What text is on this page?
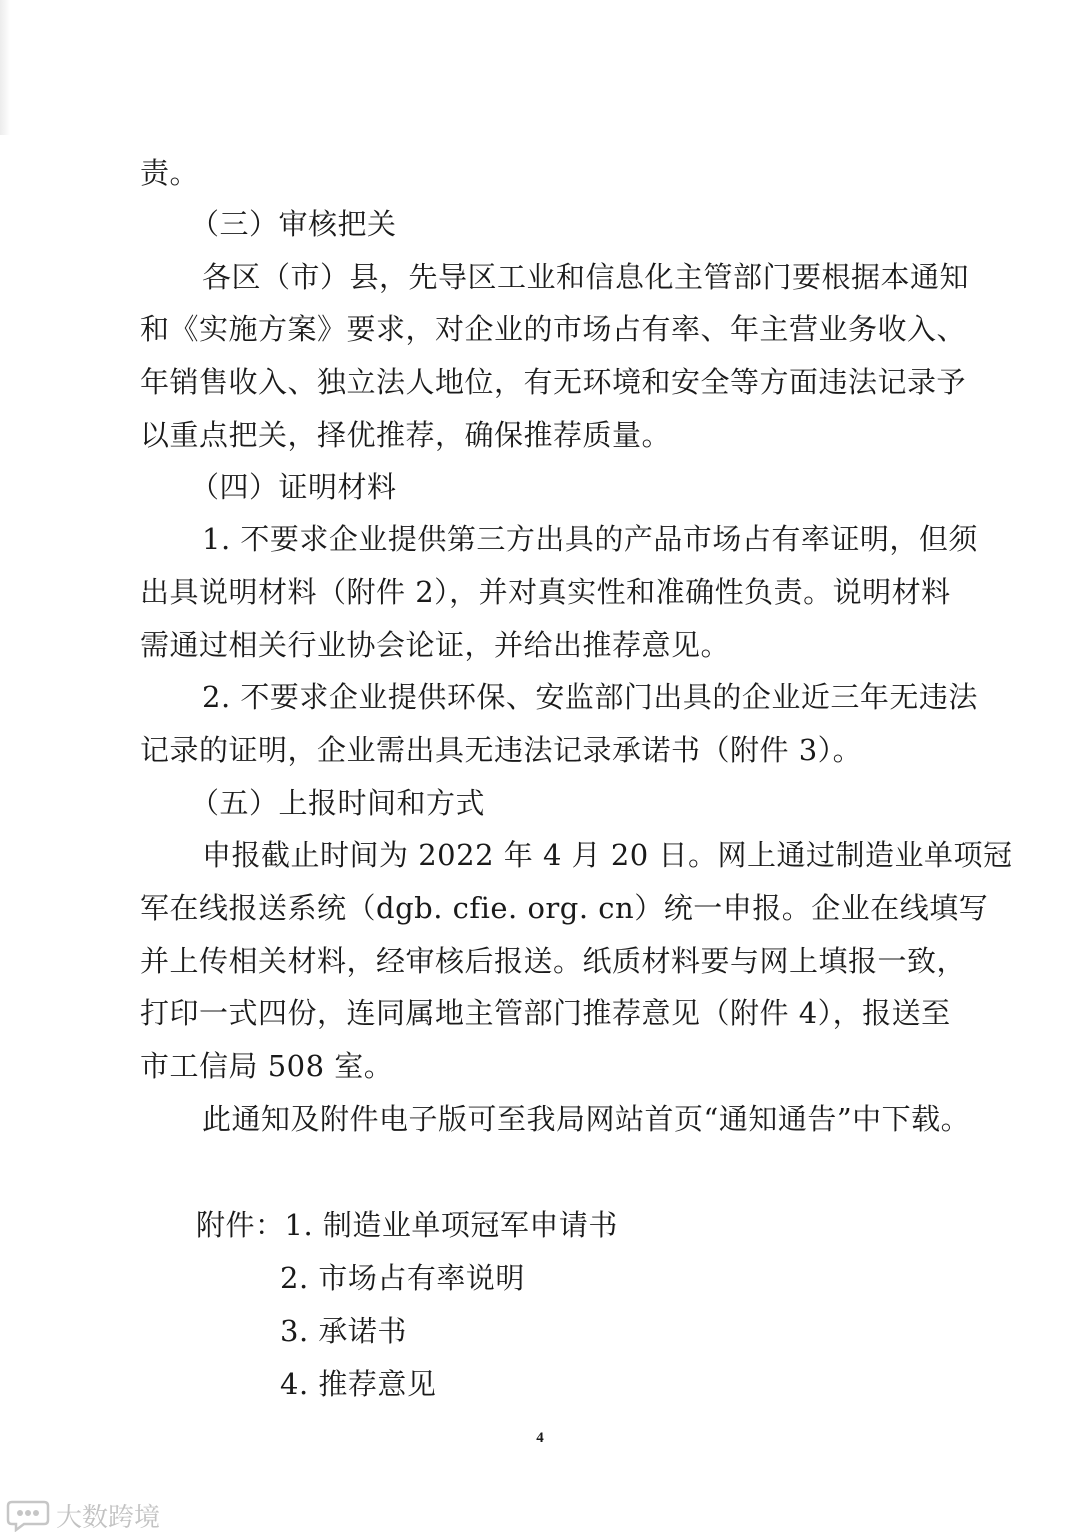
责。
（三）审核把关
各区（市）县，先导区工业和信息化主管部门要根据本通知
和《实施方案》要求，对企业的市场占有率、年主营业务收入、
年销售收入、独立法人地位，有无环境和安全等方面违法记录予
以重点把关，择优推荐，确保推荐质量。
（四）证明材料
1. 不要求企业提供第三方出具的产品市场占有率证明，但须
出具说明材料（附件 2），并对真实性和准确性负责。说明材料
需通过相关行业协会论证，并给出推荐意见。
2. 不要求企业提供环保、安监部门出具的企业近三年无违法
记录的证明，企业需出具无违法记录承诺书（附件 3）。
（五）上报时间和方式
申报截止时间为 2022 年 4 月 20 日。网上通过制造业单项冠
军在线报送系统（dgb. cfie. org. cn）统一申报。企业在线填写
并上传相关材料，经审核后报送。纸质材料要与网上填报一致，
打印一式四份，连同属地主管部门推荐意见（附件 4），报送至
市工信局 508 室。
此通知及附件电子版可至我局网站首页“通知通告”中下载。
附件：1. 制造业单项冠军申请书
2. 市场占有率说明
3. 承诺书
4. 推荐意见
4
大数跨境
